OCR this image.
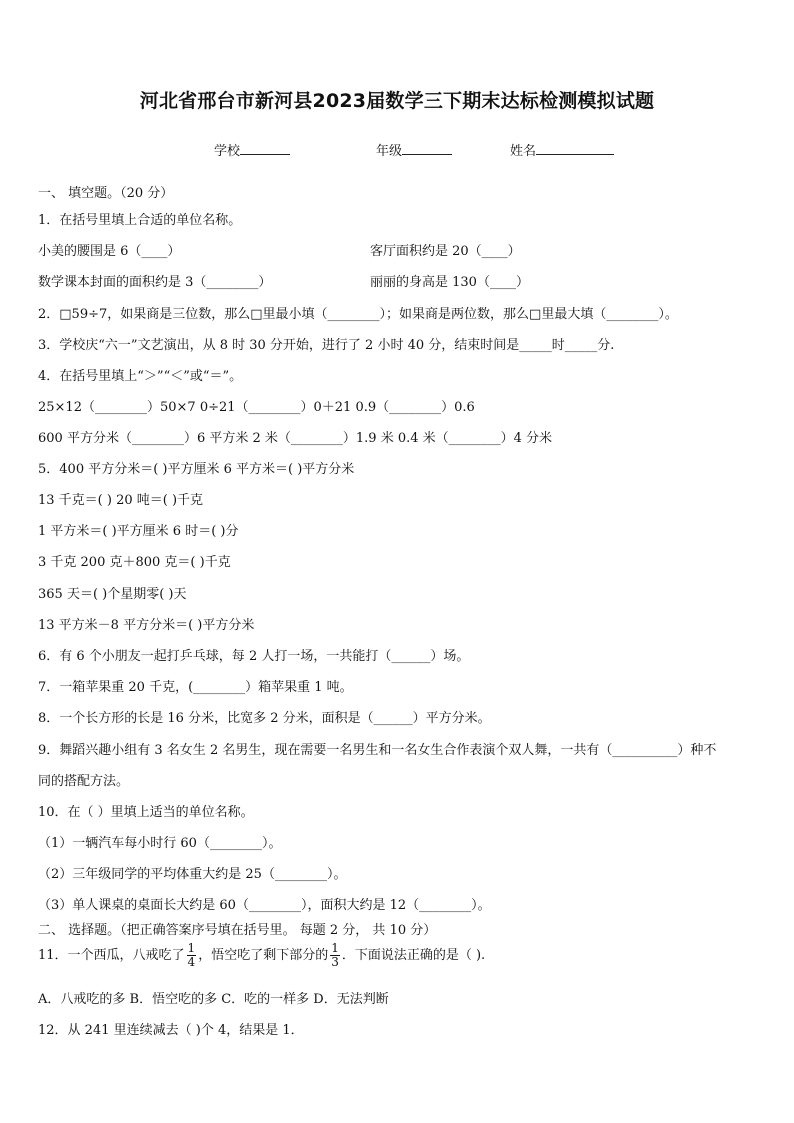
河北省邢台市新河县2023届数学三下期末达标检测模拟试题
学校	年级	姓名
一、 填空题。（20 分）
1．在括号里填上合适的单位名称。
小美的腰围是 6（____）	客厅面积约是 20（____）
数学课本封面的面积约是 3（________）	丽丽的身高是 130（____）
2．□59÷7，如果商是三位数，那么□里最小填（________）；如果商是两位数，那么□里最大填（________）。
3．学校庆“六一”文艺演出，从 8 时 30 分开始，进行了 2 小时 40 分，结束时间是_____时_____分.
4．在括号里填上“＞”“＜”或“＝”。
25×12（________）50×7 0÷21（________）0＋21 0.9（________）0.6
600 平方分米（________）6 平方米 2 米（________）1.9 米 0.4 米（________）4 分米
5．400 平方分米＝( )平方厘米 6 平方米＝( )平方分米
13 千克＝( ) 20 吨＝( )千克
1 平方米＝( )平方厘米 6 时＝( )分
3 千克 200 克＋800 克＝( )千克
365 天＝( )个星期零( )天
13 平方米－8 平方分米＝( )平方分米
6．有 6 个小朋友一起打乒乓球，每 2 人打一场，一共能打（______）场。
7．一箱苹果重 20 千克，(________）箱苹果重 1 吨。
8．一个长方形的长是 16 分米，比宽多 2 分米，面积是（______）平方分米。
9．舞蹈兴趣小组有 3 名女生 2 名男生，现在需要一名男生和一名女生合作表演个双人舞，一共有（__________）种不
同的搭配方法。
10．在（ ）里填上适当的单位名称。
（1）一辆汽车每小时行 60（________）。
（2）三年级同学的平均体重大约是 25（________）。
（3）单人课桌的桌面长大约是 60（________），面积大约是 12（________）。
二、 选择题。（把正确答案序号填在括号里。 每题 2 分， 共 10 分）
11．一个西瓜，八戒吃了 $\frac{1}{4}$ ，悟空吃了剩下部分的 $\frac{1}{3}$ ．下面说法正确的是（ ).
A．八戒吃的多 B．悟空吃的多 C．吃的一样多 D．无法判断
12．从 241 里连续减去（ )个 4，结果是 1．
